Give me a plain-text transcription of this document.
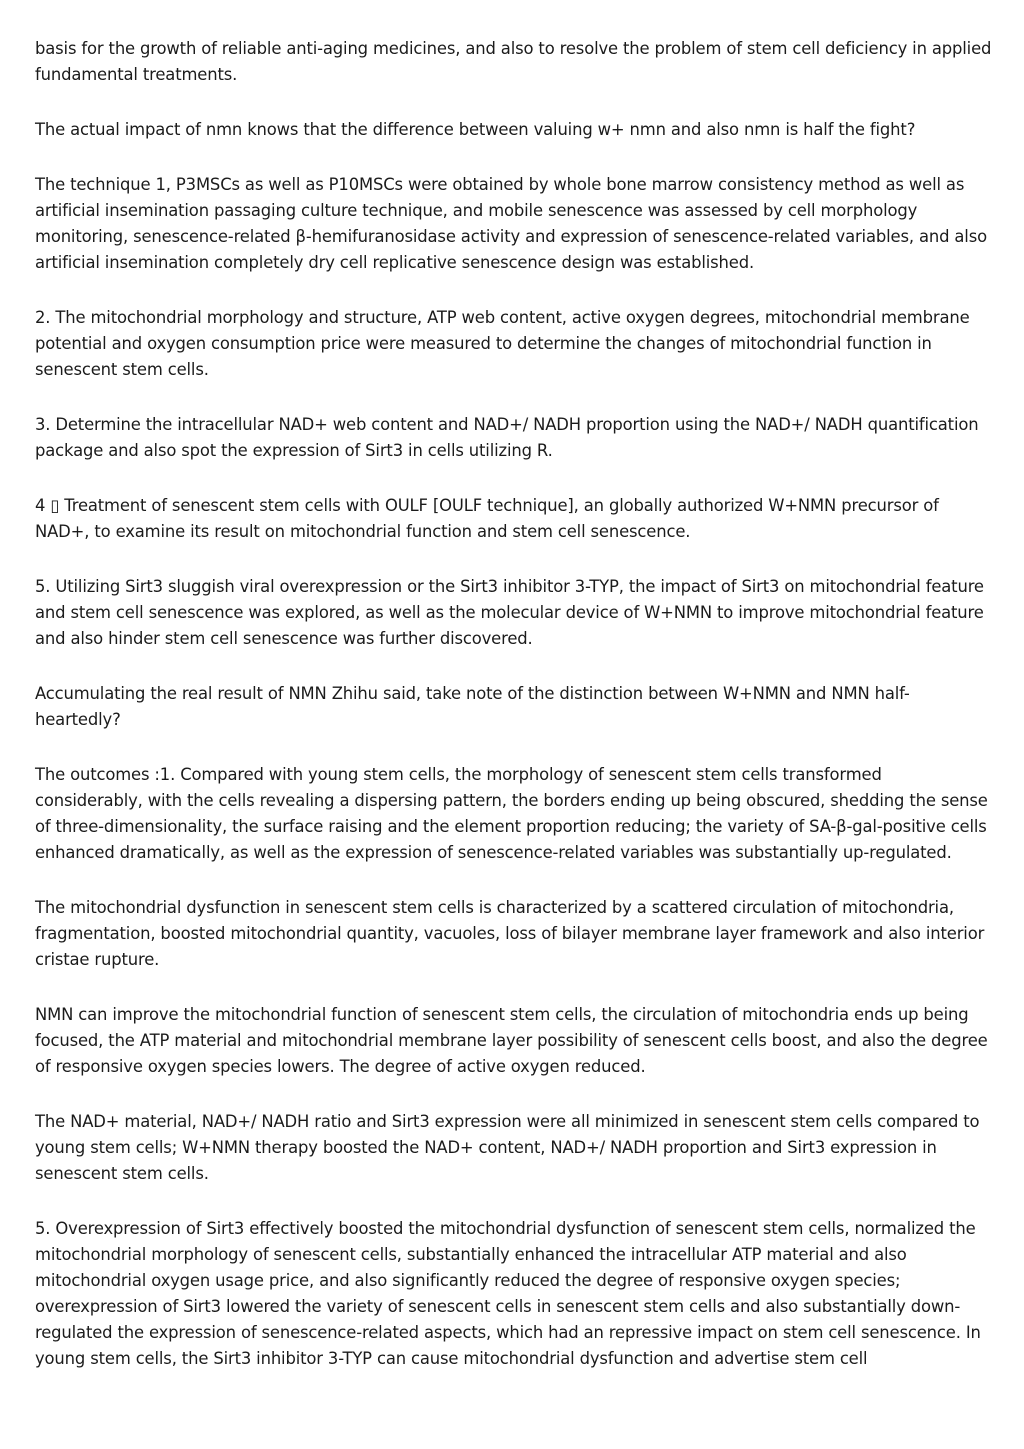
basis for the growth of reliable anti-aging medicines, and also to resolve the problem of stem cell deficiency in applied fundamental treatments.

The actual impact of nmn knows that the difference between valuing w+ nmn and also nmn is half the fight?

The technique 1, P3MSCs as well as P10MSCs were obtained by whole bone marrow consistency method as well as artificial insemination passaging culture technique, and mobile senescence was assessed by cell morphology monitoring, senescence-related β-hemifuranosidase activity and expression of senescence-related variables, and also artificial insemination completely dry cell replicative senescence design was established.

2. The mitochondrial morphology and structure, ATP web content, active oxygen degrees, mitochondrial membrane potential and oxygen consumption price were measured to determine the changes of mitochondrial function in senescent stem cells.

3. Determine the intracellular NAD+ web content and NAD+/ NADH proportion using the NAD+/ NADH quantification package and also spot the expression of Sirt3 in cells utilizing R.

4 ▯ Treatment of senescent stem cells with OULF [OULF technique], an globally authorized W+NMN precursor of NAD+, to examine its result on mitochondrial function and stem cell senescence.

5. Utilizing Sirt3 sluggish viral overexpression or the Sirt3 inhibitor 3-TYP, the impact of Sirt3 on mitochondrial feature and stem cell senescence was explored, as well as the molecular device of W+NMN to improve mitochondrial feature and also hinder stem cell senescence was further discovered.

Accumulating the real result of NMN Zhihu said, take note of the distinction between W+NMN and NMN half-heartedly?

The outcomes :1. Compared with young stem cells, the morphology of senescent stem cells transformed considerably, with the cells revealing a dispersing pattern, the borders ending up being obscured, shedding the sense of three-dimensionality, the surface raising and the element proportion reducing; the variety of SA-β-gal-positive cells enhanced dramatically, as well as the expression of senescence-related variables was substantially up-regulated.

The mitochondrial dysfunction in senescent stem cells is characterized by a scattered circulation of mitochondria, fragmentation, boosted mitochondrial quantity, vacuoles, loss of bilayer membrane layer framework and also interior cristae rupture.

NMN can improve the mitochondrial function of senescent stem cells, the circulation of mitochondria ends up being focused, the ATP material and mitochondrial membrane layer possibility of senescent cells boost, and also the degree of responsive oxygen species lowers. The degree of active oxygen reduced.

The NAD+ material, NAD+/ NADH ratio and Sirt3 expression were all minimized in senescent stem cells compared to young stem cells; W+NMN therapy boosted the NAD+ content, NAD+/ NADH proportion and Sirt3 expression in senescent stem cells.

5. Overexpression of Sirt3 effectively boosted the mitochondrial dysfunction of senescent stem cells, normalized the mitochondrial morphology of senescent cells, substantially enhanced the intracellular ATP material and also mitochondrial oxygen usage price, and also significantly reduced the degree of responsive oxygen species; overexpression of Sirt3 lowered the variety of senescent cells in senescent stem cells and also substantially down-regulated the expression of senescence-related aspects, which had an repressive impact on stem cell senescence. In young stem cells, the Sirt3 inhibitor 3-TYP can cause mitochondrial dysfunction and advertise stem cell
